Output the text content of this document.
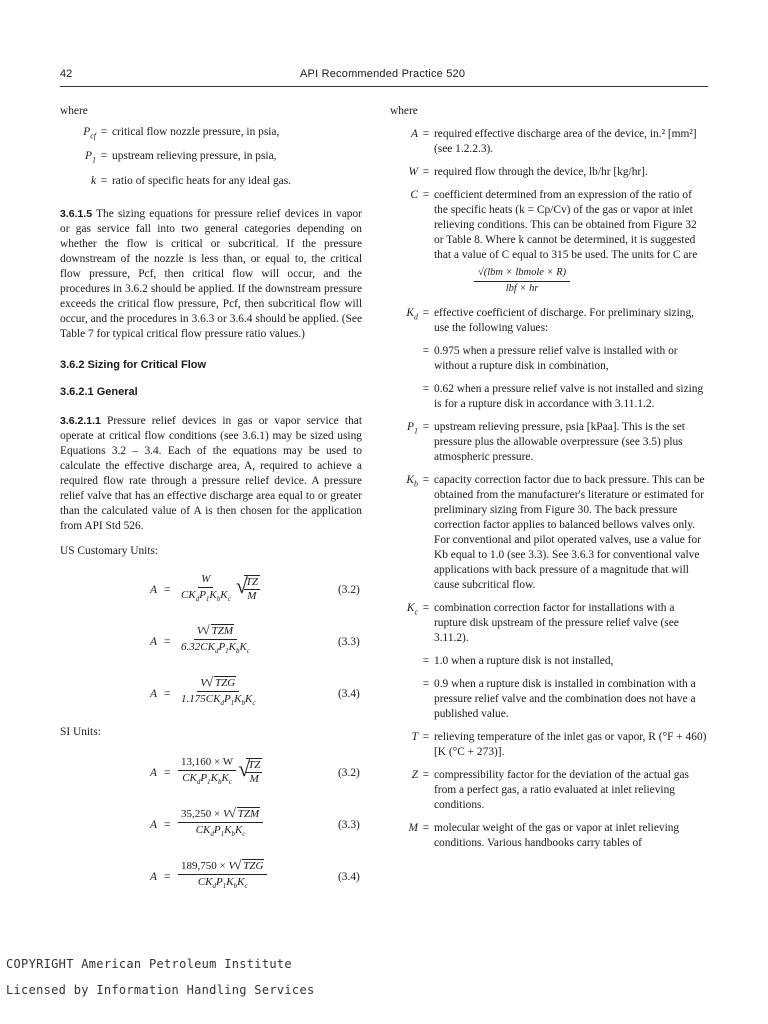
42	API Recommended Practice 520

where

$P_{cf}$ = critical flow nozzle pressure, in psia,
$P_1$ = upstream relieving pressure, in psia,
k = ratio of specific heats for any ideal gas.

3.6.1.5 The sizing equations for pressure relief devices in vapor or gas service fall into two general categories depending on whether the flow is critical or subcritical. If the pressure downstream of the nozzle is less than, or equal to, the critical flow pressure, Pcf, then critical flow will occur, and the procedures in 3.6.2 should be applied. If the downstream pressure exceeds the critical flow pressure, Pcf, then subcritical flow will occur, and the procedures in 3.6.3 or 3.6.4 should be applied. (See Table 7 for typical critical flow pressure ratio values.)

3.6.2 Sizing for Critical Flow

3.6.2.1 General

3.6.2.1.1 Pressure relief devices in gas or vapor service that operate at critical flow conditions (see 3.6.1) may be sized using Equations 3.2 – 3.4. Each of the equations may be used to calculate the effective discharge area, A, required to achieve a required flow rate through a pressure relief device. A pressure relief valve that has an effective discharge area equal to or greater than the calculated value of A is then chosen for the application from API Std 526.

US Customary Units:

$A = \frac{W}{CK_dP_1K_bK_c}$ √ TZ
M
(3.2)
$A = \frac{\text{V √ TZM}}{6.32CK_dP_1K_bK_c}$	(3.3)
$A = \frac{\text{V √ TZG}}{1.175CK_dP_1K_bK_c}$	(3.4)

SI Units:

$A = \frac{13,160 \times W}{CK_dP_1K_bK_c}$ √ TZ
M
(3.2)
$A = \frac{\text{35,250 × V √ TZM}}{CK_dP_1K_bK_c}$	(3.3)
$A = \frac{\text{189,750 × V √ TZG}}{CK_dP_1K_bK_c}$	(3.4)

where

A = required effective discharge area of the device, in.² [mm²] (see 1.2.2.3).
W = required flow through the device, lb/hr [kg/hr].
C = coefficient determined from an expression of the ratio of the specific heats (k = Cp/Cv) of the gas or vapor at inlet relieving conditions. This can be obtained from Figure 32 or Table 8. Where k cannot be determined, it is suggested that a value of C equal to 315 be used. The units for C are
√(lbm × lbmole × R)
lbf × hr
$K_d$ = effective coefficient of discharge. For preliminary sizing, use the following values:
= 0.975 when a pressure relief valve is installed with or without a rupture disk in combination,
= 0.62 when a pressure relief valve is not installed and sizing is for a rupture disk in accordance with 3.11.1.2.
$P_1$ = upstream relieving pressure, psia [kPaa]. This is the set pressure plus the allowable overpressure (see 3.5) plus atmospheric pressure.
$K_b$ = capacity correction factor due to back pressure. This can be obtained from the manufacturer's literature or estimated for preliminary sizing from Figure 30. The back pressure correction factor applies to balanced bellows valves only. For conventional and pilot operated valves, use a value for Kb equal to 1.0 (see 3.3). See 3.6.3 for conventional valve applications with back pressure of a magnitude that will cause subcritical flow.
$K_c$ = combination correction factor for installations with a rupture disk upstream of the pressure relief valve (see 3.11.2).
= 1.0 when a rupture disk is not installed,
= 0.9 when a rupture disk is installed in combination with a pressure relief valve and the combination does not have a published value.
T = relieving temperature of the inlet gas or vapor, R (°F + 460) [K (°C + 273)].
Z = compressibility factor for the deviation of the actual gas from a perfect gas, a ratio evaluated at inlet relieving conditions.
M = molecular weight of the gas or vapor at inlet relieving conditions. Various handbooks carry tables of
COPYRIGHT American Petroleum Institute
Licensed by Information Handling Services
